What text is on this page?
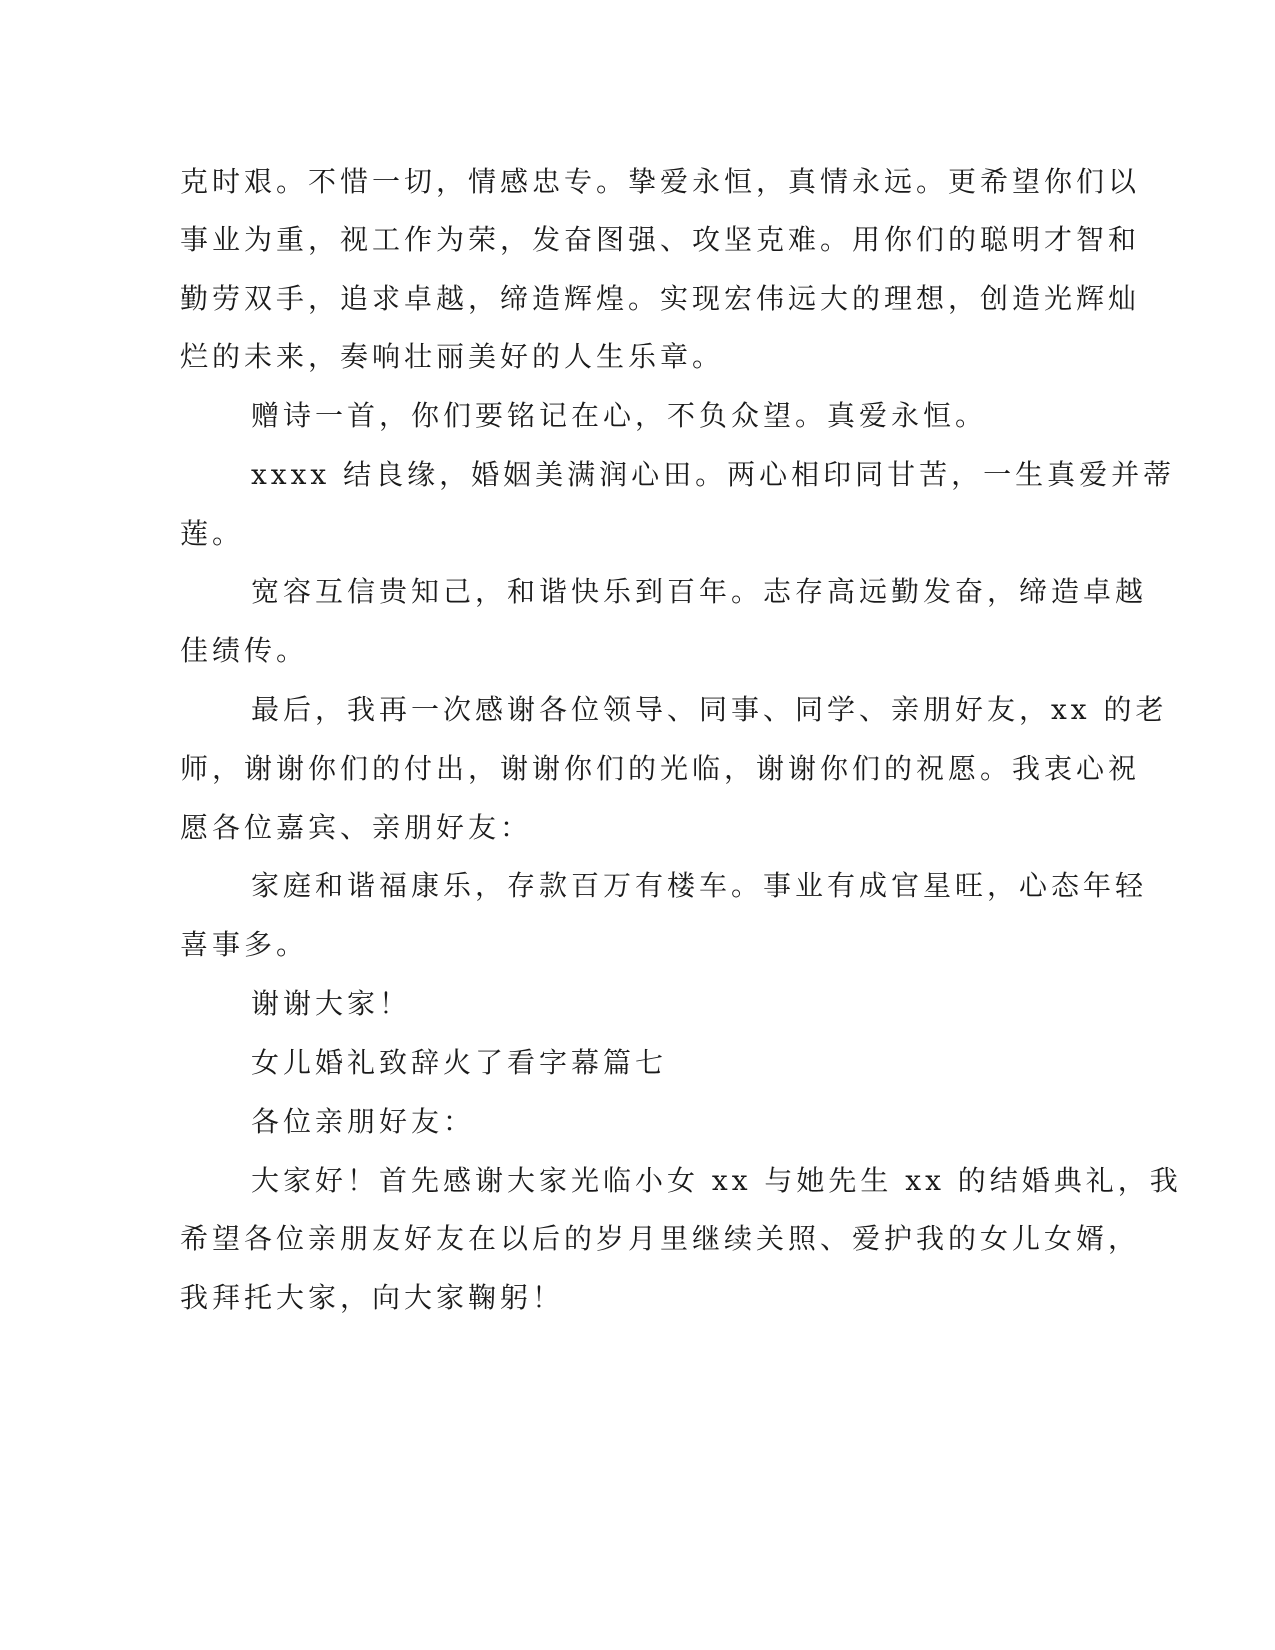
克时艰。不惜一切，情感忠专。挚爱永恒，真情永远。更希望你们以
事业为重，视工作为荣，发奋图强、攻坚克难。用你们的聪明才智和
勤劳双手，追求卓越，缔造辉煌。实现宏伟远大的理想，创造光辉灿
烂的未来，奏响壮丽美好的人生乐章。
赠诗一首，你们要铭记在心，不负众望。真爱永恒。
xxxx 结良缘，婚姻美满润心田。两心相印同甘苦，一生真爱并蒂
莲。
宽容互信贵知己，和谐快乐到百年。志存高远勤发奋，缔造卓越
佳绩传。
最后，我再一次感谢各位领导、同事、同学、亲朋好友，xx 的老
师，谢谢你们的付出，谢谢你们的光临，谢谢你们的祝愿。我衷心祝
愿各位嘉宾、亲朋好友：
家庭和谐福康乐，存款百万有楼车。事业有成官星旺，心态年轻
喜事多。
谢谢大家！
女儿婚礼致辞火了看字幕篇七
各位亲朋好友：
大家好！首先感谢大家光临小女 xx 与她先生 xx 的结婚典礼，我
希望各位亲朋友好友在以后的岁月里继续关照、爱护我的女儿女婿，
我拜托大家，向大家鞠躬！
